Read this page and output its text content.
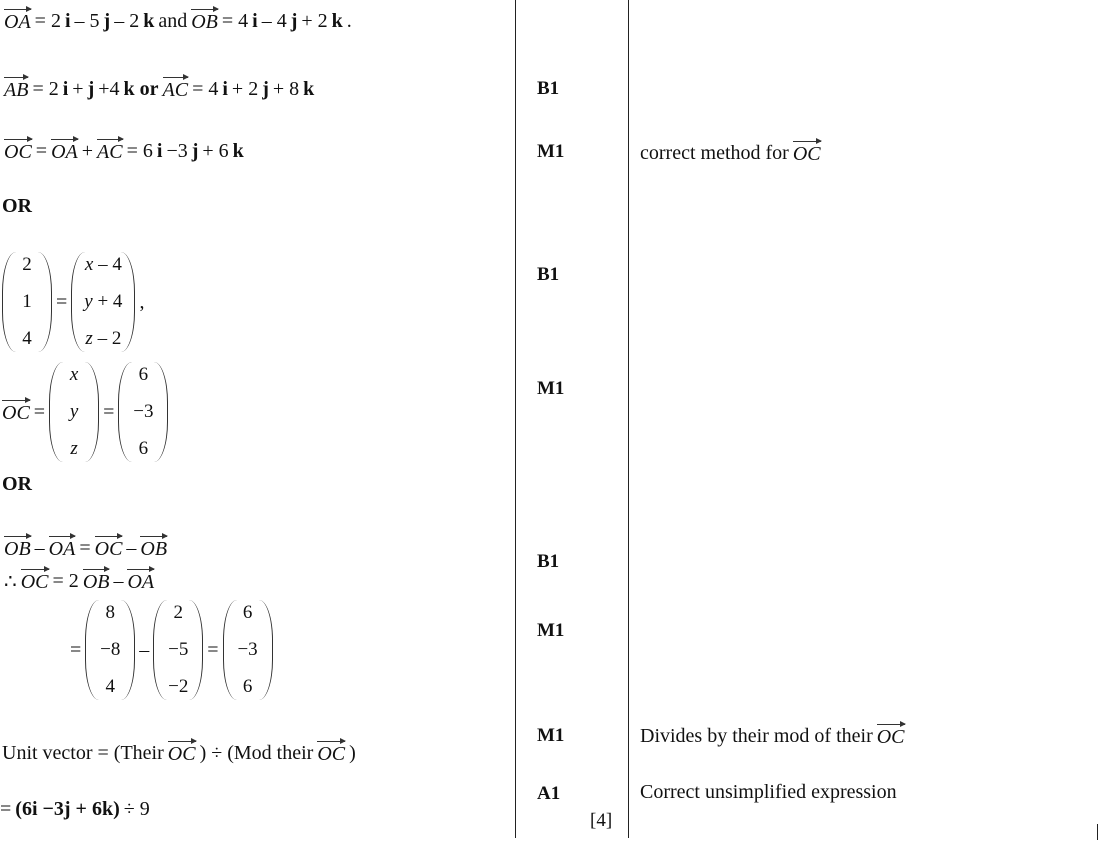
OA = 2 i – 5 j – 2 k and OB = 4 i – 4 j + 2 k .
AB = 2 i + j +4 k or AC = 4 i + 2 j + 8 k
OC = OA + AC = 6 i −3 j + 6 k
2
1
4
=
x – 4
y + 4
z – 2
,
OC =
x
y
z
=
6
−3
6
OB – OA = OC – OB
∴ OC = 2 OB – OA
=
8
−8
4
–
2
−5
−2
=
6
−3
6
Unit vector = (Their OC ) ÷ (Mod their OC )
= (6i −3j + 6k) ÷ 9
OR
OR
B1
M1
B1
M1
B1
M1
M1
A1
[4]
correct method for OC
Divides by their mod of their OC
Correct unsimplified expression
